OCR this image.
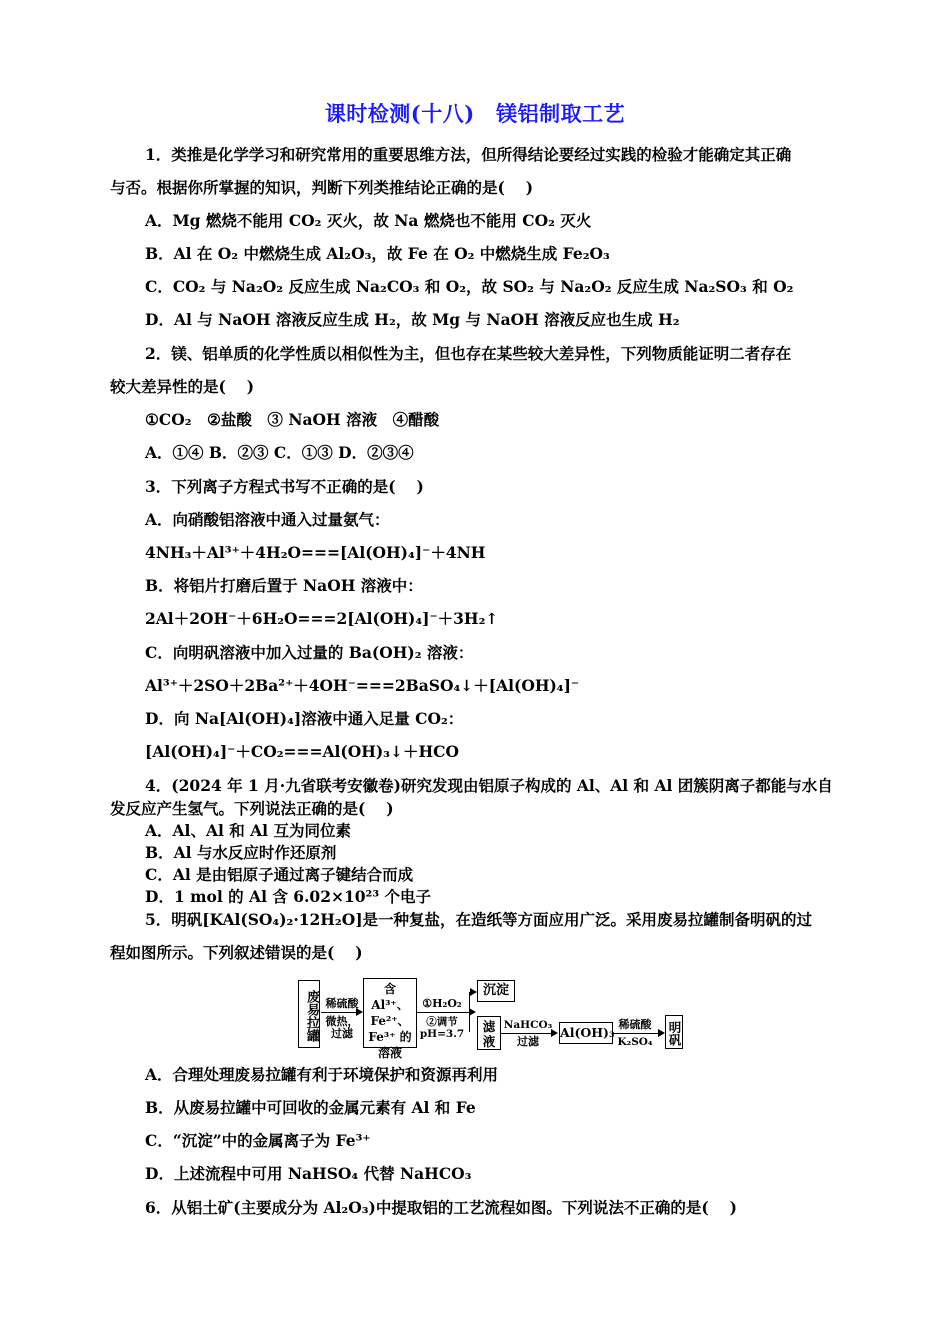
课时检测(十八)　镁铝制取工艺
1．类推是化学学习和研究常用的重要思维方法，但所得结论要经过实践的检验才能确定其正确
与否。根据你所掌握的知识，判断下列类推结论正确的是(　 )
A．Mg 燃烧不能用 CO₂ 灭火，故 Na 燃烧也不能用 CO₂ 灭火
B．Al 在 O₂ 中燃烧生成 Al₂O₃，故 Fe 在 O₂ 中燃烧生成 Fe₂O₃
C．CO₂ 与 Na₂O₂ 反应生成 Na₂CO₃ 和 O₂，故 SO₂ 与 Na₂O₂ 反应生成 Na₂SO₃ 和 O₂
D．Al 与 NaOH 溶液反应生成 H₂，故 Mg 与 NaOH 溶液反应也生成 H₂
2．镁、铝单质的化学性质以相似性为主，但也存在某些较大差异性，下列物质能证明二者存在
较大差异性的是(　 )
①CO₂　②盐酸　③ NaOH 溶液　④醋酸
A．①④ B．②③ C．①③ D．②③④
3．下列离子方程式书写不正确的是(　 )
A．向硝酸铝溶液中通入过量氨气：
4NH₃＋Al³⁺＋4H₂O===[Al(OH)₄]⁻＋4NH
B．将铝片打磨后置于 NaOH 溶液中：
2Al＋2OH⁻＋6H₂O===2[Al(OH)₄]⁻＋3H₂↑
C．向明矾溶液中加入过量的 Ba(OH)₂ 溶液：
Al³⁺＋2SO＋2Ba²⁺＋4OH⁻===2BaSO₄↓＋[Al(OH)₄]⁻
D．向 Na[Al(OH)₄]溶液中通入足量 CO₂：
[Al(OH)₄]⁻＋CO₂===Al(OH)₃↓＋HCO
4．(2024 年 1 月·九省联考安徽卷)研究发现由铝原子构成的 Al、Al 和 Al 团簇阴离子都能与水自
发反应产生氢气。下列说法正确的是(　 )
A．Al、Al 和 Al 互为同位素
B．Al 与水反应时作还原剂
C．Al 是由铝原子通过离子键结合而成
D．1 mol 的 Al 含 6.02×10²³ 个电子
5．明矾[KAl(SO₄)₂·12H₂O]是一种复盐，在造纸等方面应用广泛。采用废易拉罐制备明矾的过
程如图所示。下列叙述错误的是(　 )
废易拉罐 稀硫酸
微热，过滤
含 Al³⁺、Fe²⁺、Fe³⁺ 的溶液
①H₂O₂
②调节pH=3.7
沉淀
滤液
NaHCO₃
过滤
Al(OH)₃
稀硫酸
K₂SO₄	明矾
A．合理处理废易拉罐有利于环境保护和资源再利用
B．从废易拉罐中可回收的金属元素有 Al 和 Fe
C．“沉淀”中的金属离子为 Fe³⁺
D．上述流程中可用 NaHSO₄ 代替 NaHCO₃
6．从铝土矿(主要成分为 Al₂O₃)中提取铝的工艺流程如图。下列说法不正确的是(　 )
